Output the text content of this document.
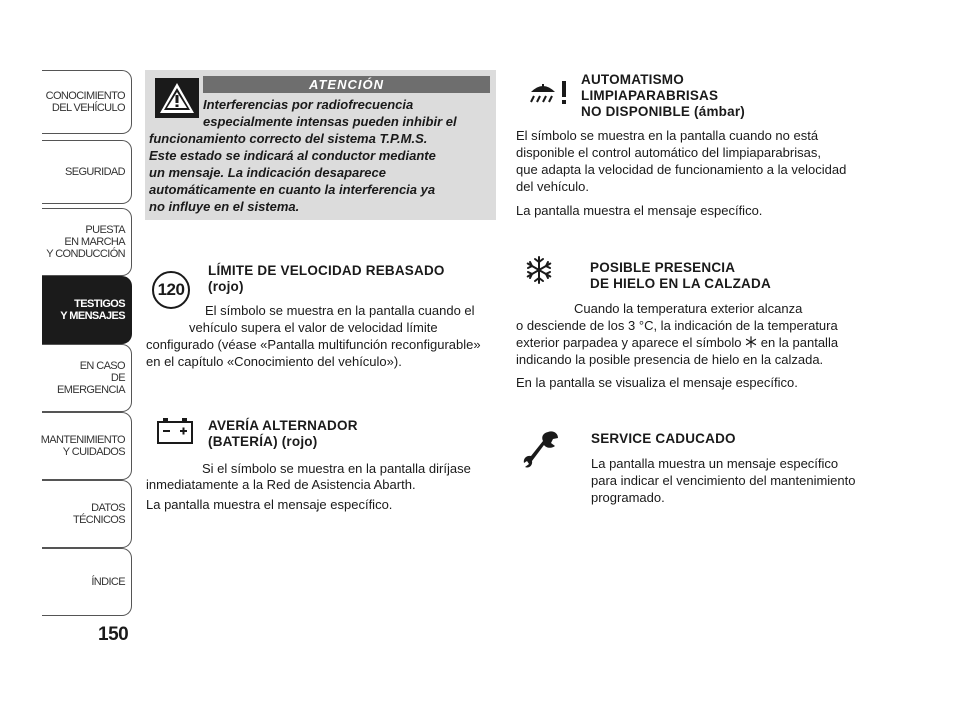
CONOCIMIENTO
DEL VEHÍCULO
SEGURIDAD
PUESTA
EN MARCHA
Y CONDUCCIÓN
TESTIGOS
Y MENSAJES
EN CASO
DE EMERGENCIA
MANTENIMIENTO
Y CUIDADOS
DATOS TÉCNICOS
ÍNDICE
150
ATENCIÓN
Interferencias por radiofrecuencia
especialmente intensas pueden inhibir el
funcionamiento correcto del sistema T.P.M.S.
Este estado se indicará al conductor mediante
un mensaje. La indicación desaparece
automáticamente en cuanto la interferencia ya
no influye en el sistema.
120
LÍMITE DE VELOCIDAD REBASADO
(rojo)
El símbolo se muestra en la pantalla cuando el
vehículo supera el valor de velocidad límite
configurado (véase «Pantalla multifunción reconfigurable»
en el capítulo «Conocimiento del vehículo»).
AVERÍA ALTERNADOR
(BATERÍA) (rojo)
Si el símbolo se muestra en la pantalla diríjase
inmediatamente a la Red de Asistencia Abarth.
La pantalla muestra el mensaje específico.
AUTOMATISMO
LIMPIAPARABRISAS
NO DISPONIBLE (ámbar)
El símbolo se muestra en la pantalla cuando no está
disponible el control automático del limpiaparabrisas,
que adapta la velocidad de funcionamiento a la velocidad
del vehículo.
La pantalla muestra el mensaje específico.
POSIBLE PRESENCIA
DE HIELO EN LA CALZADA
Cuando la temperatura exterior alcanza
o desciende de los 3 °C, la indicación de la temperatura
exterior parpadea y aparece el símbolo en la pantalla
indicando la posible presencia de hielo en la calzada.
En la pantalla se visualiza el mensaje específico.
SERVICE CADUCADO
La pantalla muestra un mensaje específico
para indicar el vencimiento del mantenimiento
programado.
